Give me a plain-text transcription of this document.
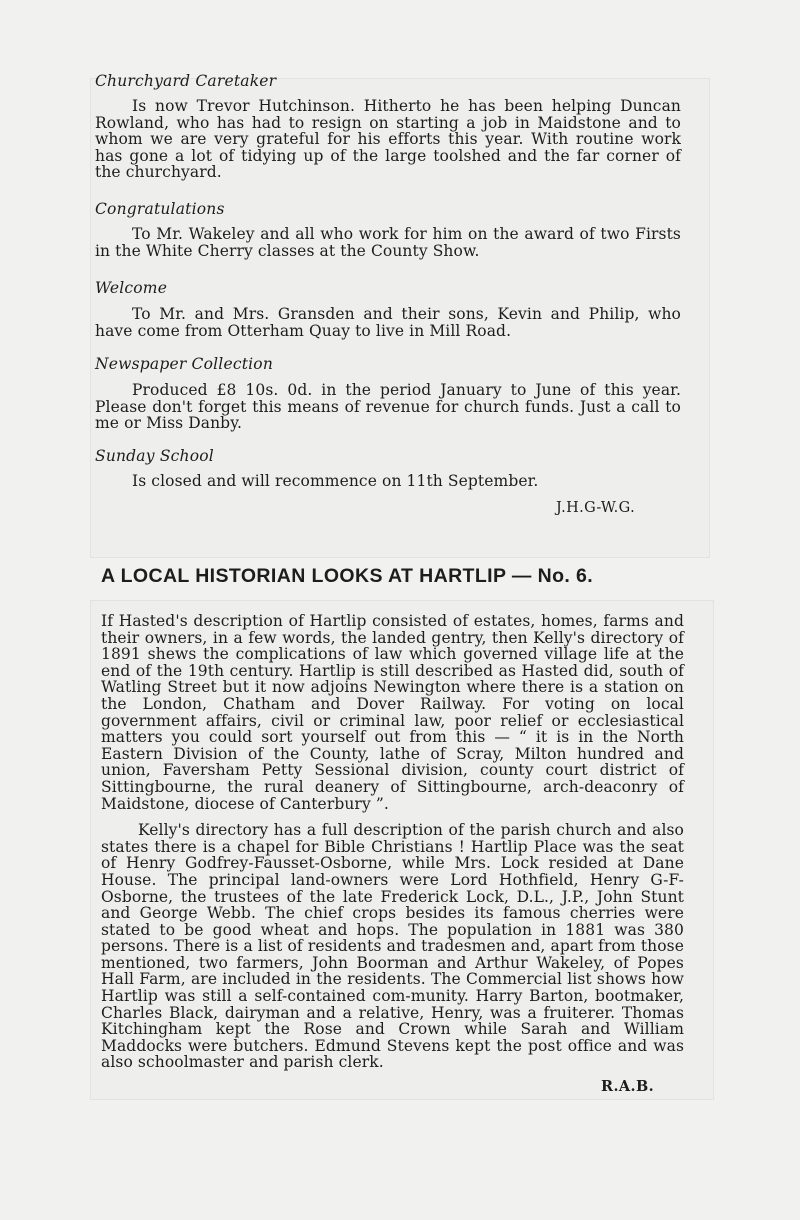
Churchyard Caretaker

Is now Trevor Hutchinson. Hitherto he has been helping Duncan Rowland, who has had to resign on starting a job in Maidstone and to whom we are very grateful for his efforts this year. With routine work has gone a lot of tidying up of the large toolshed and the far corner of the churchyard.

Congratulations

To Mr. Wakeley and all who work for him on the award of two Firsts in the White Cherry classes at the County Show.

Welcome

To Mr. and Mrs. Gransden and their sons, Kevin and Philip, who have come from Otterham Quay to live in Mill Road.

Newspaper Collection

Produced £8 10s. 0d. in the period January to June of this year. Please don't forget this means of revenue for church funds. Just a call to me or Miss Danby.

Sunday School

Is closed and will recommence on 11th September.

J.H.G-W.G.
A LOCAL HISTORIAN LOOKS AT HARTLIP — No. 6.

If Hasted's description of Hartlip consisted of estates, homes, farms and their owners, in a few words, the landed gentry, then Kelly's directory of 1891 shews the complications of law which governed village life at the end of the 19th century. Hartlip is still described as Hasted did, south of Watling Street but it now adjoins Newington where there is a station on the London, Chatham and Dover Railway. For voting on local government affairs, civil or criminal law, poor relief or ecclesiastical matters you could sort yourself out from this — “ it is in the North Eastern Division of the County, lathe of Scray, Milton hundred and union, Faversham Petty Sessional division, county court district of Sittingbourne, the rural deanery of Sittingbourne, arch-deaconry of Maidstone, diocese of Canterbury ”.

Kelly's directory has a full description of the parish church and also states there is a chapel for Bible Christians ! Hartlip Place was the seat of Henry Godfrey-Fausset-Osborne, while Mrs. Lock resided at Dane House. The principal land-owners were Lord Hothfield, Henry G-F-Osborne, the trustees of the late Frederick Lock, D.L., J.P., John Stunt and George Webb. The chief crops besides its famous cherries were stated to be good wheat and hops. The population in 1881 was 380 persons. There is a list of residents and tradesmen and, apart from those mentioned, two farmers, John Boorman and Arthur Wakeley, of Popes Hall Farm, are included in the residents. The Commercial list shows how Hartlip was still a self-contained com-munity. Harry Barton, bootmaker, Charles Black, dairyman and a relative, Henry, was a fruiterer. Thomas Kitchingham kept the Rose and Crown while Sarah and William Maddocks were butchers. Edmund Stevens kept the post office and was also schoolmaster and parish clerk.

R.A.B.
